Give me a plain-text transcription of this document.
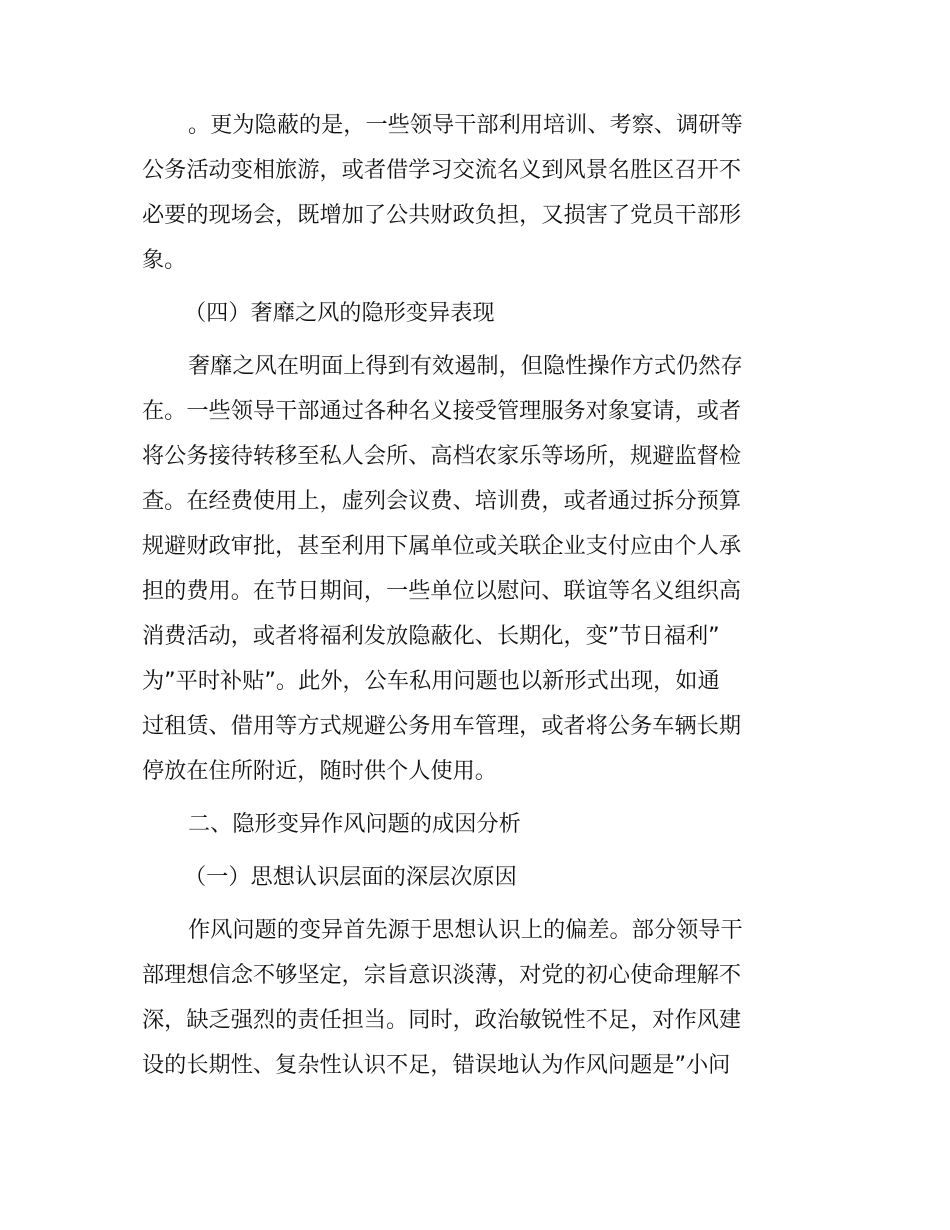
。更为隐蔽的是，一些领导干部利用培训、考察、调研等
公务活动变相旅游，或者借学习交流名义到风景名胜区召开不
必要的现场会，既增加了公共财政负担，又损害了党员干部形
象。
（四）奢靡之风的隐形变异表现
奢靡之风在明面上得到有效遏制，但隐性操作方式仍然存
在。一些领导干部通过各种名义接受管理服务对象宴请，或者
将公务接待转移至私人会所、高档农家乐等场所，规避监督检
查。在经费使用上，虚列会议费、培训费，或者通过拆分预算
规避财政审批，甚至利用下属单位或关联企业支付应由个人承
担的费用。在节日期间，一些单位以慰问、联谊等名义组织高
消费活动，或者将福利发放隐蔽化、长期化，变”节日福利”
为”平时补贴”。此外，公车私用问题也以新形式出现，如通
过租赁、借用等方式规避公务用车管理，或者将公务车辆长期
停放在住所附近，随时供个人使用。
二、隐形变异作风问题的成因分析
（一）思想认识层面的深层次原因
作风问题的变异首先源于思想认识上的偏差。部分领导干
部理想信念不够坚定，宗旨意识淡薄，对党的初心使命理解不
深，缺乏强烈的责任担当。同时，政治敏锐性不足，对作风建
设的长期性、复杂性认识不足，错误地认为作风问题是”小问
